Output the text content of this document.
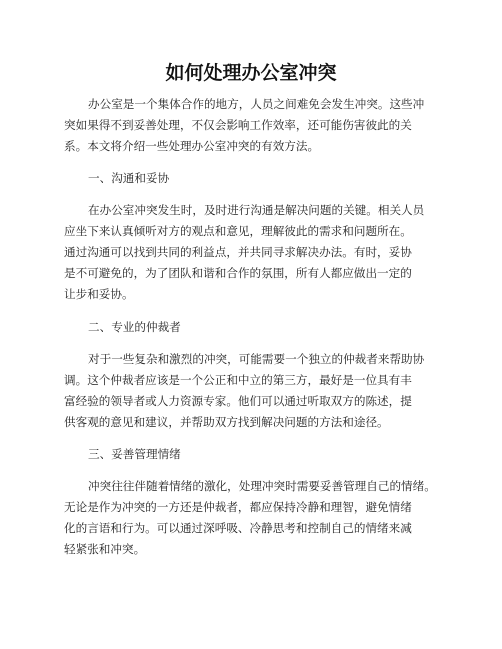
如何处理办公室冲突
办公室是一个集体合作的地方，人员之间难免会发生冲突。这些冲
突如果得不到妥善处理，不仅会影响工作效率，还可能伤害彼此的关
系。本文将介绍一些处理办公室冲突的有效方法。
一、沟通和妥协
在办公室冲突发生时，及时进行沟通是解决问题的关键。相关人员
应坐下来认真倾听对方的观点和意见，理解彼此的需求和问题所在。
通过沟通可以找到共同的利益点，并共同寻求解决办法。有时，妥协
是不可避免的，为了团队和谐和合作的氛围，所有人都应做出一定的
让步和妥协。
二、专业的仲裁者
对于一些复杂和激烈的冲突，可能需要一个独立的仲裁者来帮助协
调。这个仲裁者应该是一个公正和中立的第三方，最好是一位具有丰
富经验的领导者或人力资源专家。他们可以通过听取双方的陈述，提
供客观的意见和建议，并帮助双方找到解决问题的方法和途径。
三、妥善管理情绪
冲突往往伴随着情绪的激化，处理冲突时需要妥善管理自己的情绪。
无论是作为冲突的一方还是仲裁者，都应保持冷静和理智，避免情绪
化的言语和行为。可以通过深呼吸、冷静思考和控制自己的情绪来减
轻紧张和冲突。
